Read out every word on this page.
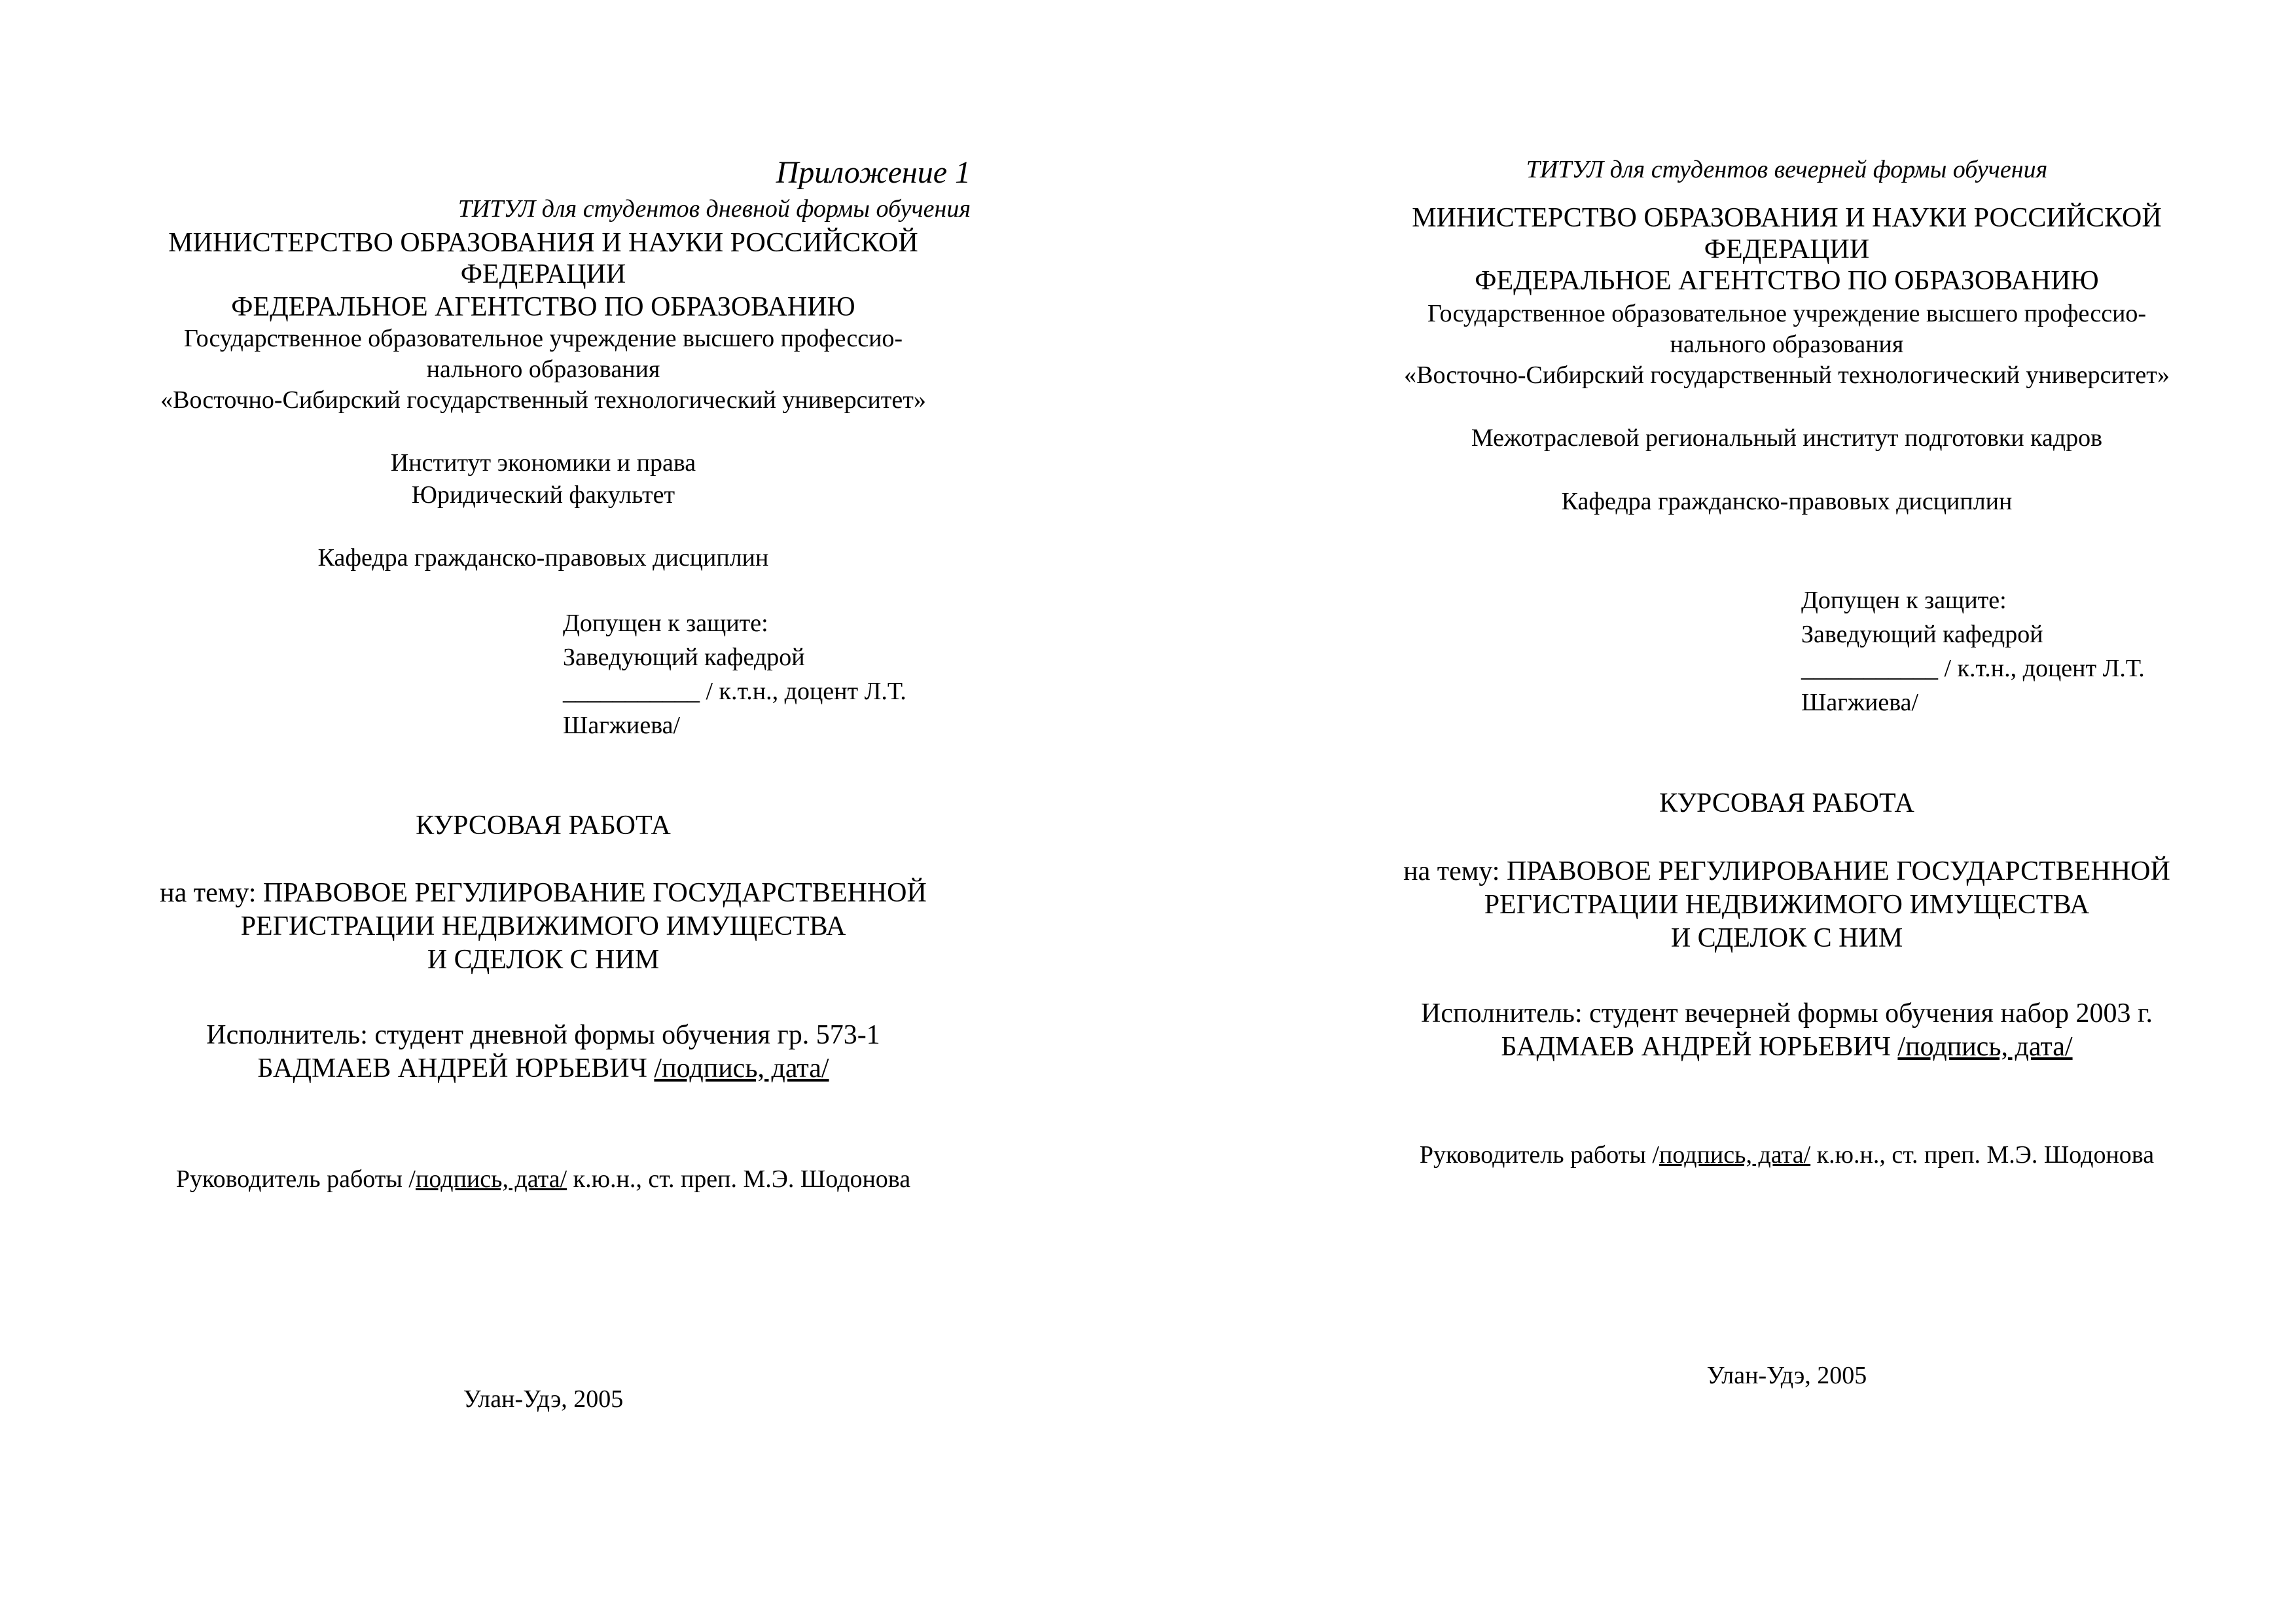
Приложение 1
ТИТУЛ для студентов дневной формы обучения
МИНИСТЕРСТВО ОБРАЗОВАНИЯ И НАУКИ РОССИЙСКОЙ
ФЕДЕРАЦИИ
ФЕДЕРАЛЬНОЕ АГЕНТСТВО ПО ОБРАЗОВАНИЮ
Государственное образовательное учреждение высшего профессио-
нального образования
«Восточно-Сибирский государственный технологический университет»
Институт экономики и права
Юридический факультет
Кафедра гражданско-правовых дисциплин
Допущен к защите:
Заведующий кафедрой
___________ / к.т.н., доцент Л.Т.
Шагжиева/
КУРСОВАЯ РАБОТА
на тему: ПРАВОВОЕ РЕГУЛИРОВАНИЕ ГОСУДАРСТВЕННОЙ
РЕГИСТРАЦИИ НЕДВИЖИМОГО ИМУЩЕСТВА
И СДЕЛОК С НИМ
Исполнитель: студент дневной формы обучения гр. 573-1
БАДМАЕВ АНДРЕЙ ЮРЬЕВИЧ /подпись, дата/
Руководитель работы /подпись, дата/ к.ю.н., ст. преп. М.Э. Шодонова
Улан-Удэ, 2005
ТИТУЛ для студентов вечерней формы обучения
МИНИСТЕРСТВО ОБРАЗОВАНИЯ И НАУКИ РОССИЙСКОЙ
ФЕДЕРАЦИИ
ФЕДЕРАЛЬНОЕ АГЕНТСТВО ПО ОБРАЗОВАНИЮ
Государственное образовательное учреждение высшего профессио-
нального образования
«Восточно-Сибирский государственный технологический университет»
Межотраслевой региональный институт подготовки кадров
Кафедра гражданско-правовых дисциплин
Допущен к защите:
Заведующий кафедрой
___________ / к.т.н., доцент Л.Т.
Шагжиева/
КУРСОВАЯ РАБОТА
на тему: ПРАВОВОЕ РЕГУЛИРОВАНИЕ ГОСУДАРСТВЕННОЙ
РЕГИСТРАЦИИ НЕДВИЖИМОГО ИМУЩЕСТВА
И СДЕЛОК С НИМ
Исполнитель: студент вечерней формы обучения набор 2003 г.
БАДМАЕВ АНДРЕЙ ЮРЬЕВИЧ /подпись, дата/
Руководитель работы /подпись, дата/ к.ю.н., ст. преп. М.Э. Шодонова
Улан-Удэ, 2005
